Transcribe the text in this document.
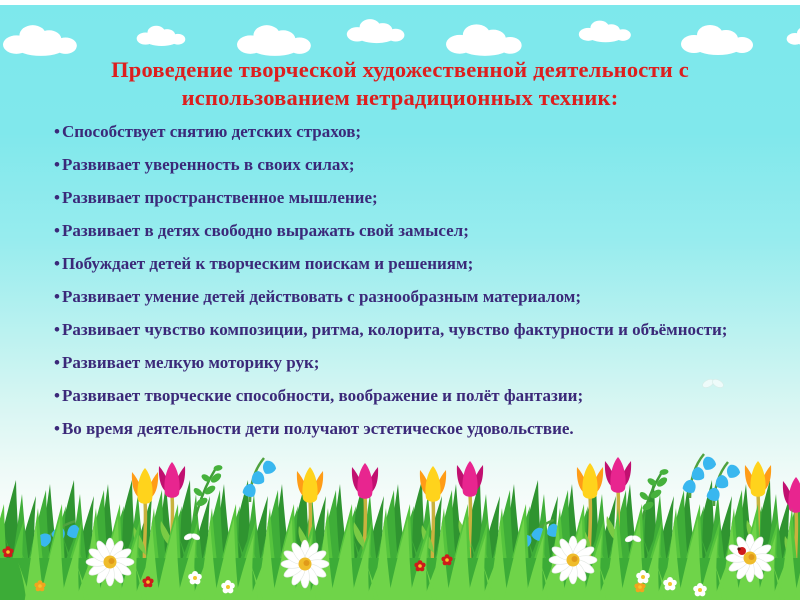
Проведение творческой художественной деятельности с
использованием нетрадиционных техник:
• Способствует снятию детских страхов;
• Развивает уверенность в своих силах;
• Развивает пространственное мышление;
• Развивает в детях свободно выражать свой замысел;
• Побуждает детей к творческим поискам и решениям;
• Развивает умение детей действовать с разнообразным материалом;
• Развивает чувство композиции, ритма, колорита, чувство фактурности и объёмности;
• Развивает мелкую моторику рук;
• Развивает творческие способности, воображение и полёт фантазии;
• Во время деятельности дети получают эстетическое удовольствие.
